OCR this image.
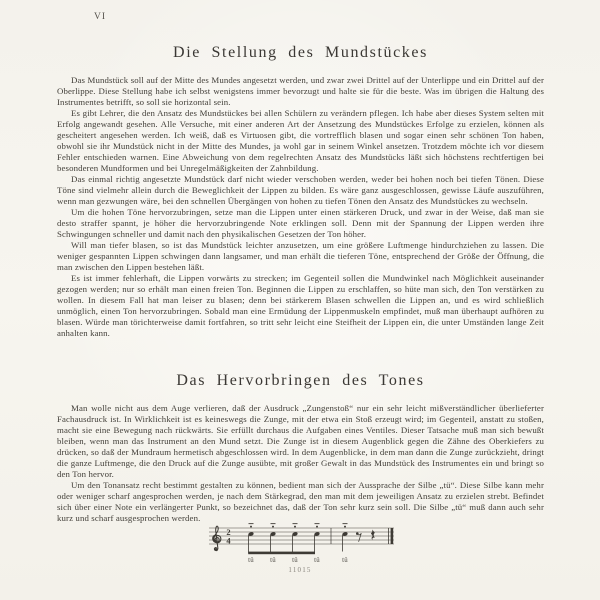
VI
Die Stellung des Mundstückes

Das Mundstück soll auf der Mitte des Mundes angesetzt werden, und zwar zwei Drittel auf der Unterlippe und ein Drittel auf der Oberlippe. Diese Stellung habe ich selbst wenigstens immer bevorzugt und halte sie für die beste. Was im übrigen die Haltung des Instrumentes betrifft, so soll sie horizontal sein.

Es gibt Lehrer, die den Ansatz des Mundstückes bei allen Schülern zu verändern pflegen. Ich habe aber dieses System selten mit Erfolg angewandt gesehen. Alle Versuche, mit einer anderen Art der Ansetzung des Mundstückes Erfolge zu erzielen, können als gescheitert angesehen werden. Ich weiß, daß es Virtuosen gibt, die vortrefflich blasen und sogar einen sehr schönen Ton haben, obwohl sie ihr Mundstück nicht in der Mitte des Mundes, ja wohl gar in seinem Winkel ansetzen. Trotzdem möchte ich vor diesem Fehler entschieden warnen. Eine Abweichung von dem regelrechten Ansatz des Mundstücks läßt sich höchstens rechtfertigen bei besonderen Mundformen und bei Unregelmäßigkeiten der Zahnbildung.

Das einmal richtig angesetzte Mundstück darf nicht wieder verschoben werden, weder bei hohen noch bei tiefen Tönen. Diese Töne sind vielmehr allein durch die Beweglichkeit der Lippen zu bilden. Es wäre ganz ausgeschlossen, gewisse Läufe auszuführen, wenn man gezwungen wäre, bei den schnellen Übergängen von hohen zu tiefen Tönen den Ansatz des Mundstückes zu wechseln.

Um die hohen Töne hervorzubringen, setze man die Lippen unter einen stärkeren Druck, und zwar in der Weise, daß man sie desto straffer spannt, je höher die hervorzubringende Note erklingen soll. Denn mit der Spannung der Lippen werden ihre Schwingungen schneller und damit nach den physikalischen Gesetzen der Ton höher.

Will man tiefer blasen, so ist das Mundstück leichter anzusetzen, um eine größere Luftmenge hindurchziehen zu lassen. Die weniger gespannten Lippen schwingen dann langsamer, und man erhält die tieferen Töne, entsprechend der Größe der Öffnung, die man zwischen den Lippen bestehen läßt.

Es ist immer fehlerhaft, die Lippen vorwärts zu strecken; im Gegenteil sollen die Mundwinkel nach Möglichkeit auseinander gezogen werden; nur so erhält man einen freien Ton. Beginnen die Lippen zu erschlaffen, so hüte man sich, den Ton verstärken zu wollen. In diesem Fall hat man leiser zu blasen; denn bei stärkerem Blasen schwellen die Lippen an, und es wird schließlich unmöglich, einen Ton hervorzubringen. Sobald man eine Ermüdung der Lippenmuskeln empfindet, muß man überhaupt aufhören zu blasen. Würde man törichterweise damit fortfahren, so tritt sehr leicht eine Steifheit der Lippen ein, die unter Umständen lange Zeit anhalten kann.

Das Hervorbringen des Tones

Man wolle nicht aus dem Auge verlieren, daß der Ausdruck „Zungenstoß“ nur ein sehr leicht mißverständlicher überlieferter Fachausdruck ist. In Wirklichkeit ist es keineswegs die Zunge, mit der etwa ein Stoß erzeugt wird; im Gegenteil, anstatt zu stoßen, macht sie eine Bewegung nach rückwärts. Sie erfüllt durchaus die Aufgaben eines Ventiles. Dieser Tatsache muß man sich bewußt bleiben, wenn man das Instrument an den Mund setzt. Die Zunge ist in diesem Augenblick gegen die Zähne des Oberkiefers zu drücken, so daß der Mundraum hermetisch abgeschlossen wird. In dem Augenblicke, in dem man dann die Zunge zurückzieht, dringt die ganze Luftmenge, die den Druck auf die Zunge ausübte, mit großer Gewalt in das Mundstück des Instrumentes ein und bringt so den Ton hervor.

Um den Tonansatz recht bestimmt gestalten zu können, bedient man sich der Aussprache der Silbe „tü“. Diese Silbe kann mehr oder weniger scharf angesprochen werden, je nach dem Stärkegrad, den man mit dem jeweiligen Ansatz zu erzielen strebt. Befindet sich über einer Note ein verlängerter Punkt, so bezeichnet das, daß der Ton sehr kurz sein soll. Die Silbe „tü“ muß dann auch sehr kurz und scharf ausgesprochen werden.

2
4
tü tü tü tü	tü
11015
